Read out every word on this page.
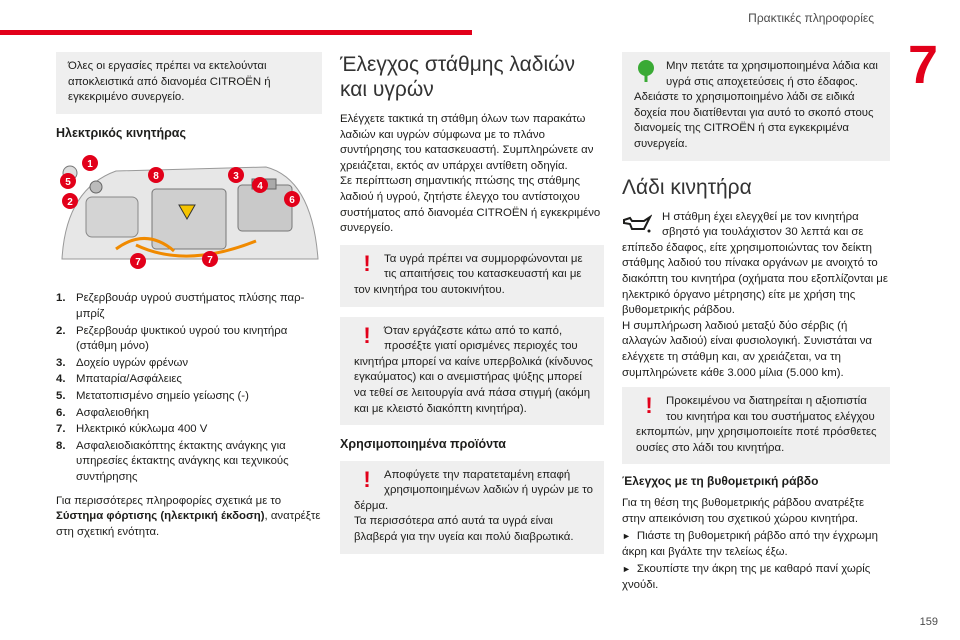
Πρακτικές πληροφορίες
7
159

Όλες οι εργασίες πρέπει να εκτελούνται αποκλειστικά από διανομέα CITROËN ή εγκεκριμένο συνεργείο.

Ηλεκτρικός κινητήρας
1
2
3
4
5
6
7	7
8
1. Ρεζερβουάρ υγρού συστήματος πλύσης παρ-μπρίζ
2. Ρεζερβουάρ ψυκτικού υγρού του κινητήρα (στάθμη μόνο)
3. Δοχείο υγρών φρένων
4. Μπαταρία/Ασφάλειες
5. Μετατοπισμένο σημείο γείωσης (-)
6. Ασφαλειοθήκη
7. Ηλεκτρικό κύκλωμα 400 V
8. Ασφαλειοδιακόπτης έκτακτης ανάγκης για υπηρεσίες έκτακτης ανάγκης και τεχνικούς συντήρησης

Για περισσότερες πληροφορίες σχετικά με το Σύστημα φόρτισης (ηλεκτρική έκδοση), ανατρέξτε στη σχετική ενότητα.

Έλεγχος στάθμης λαδιών και υγρών

Ελέγχετε τακτικά τη στάθμη όλων των παρακάτω λαδιών και υγρών σύμφωνα με το πλάνο συντήρησης του κατασκευαστή. Συμπληρώνετε αν χρειάζεται, εκτός αν υπάρχει αντίθετη οδηγία.

Σε περίπτωση σημαντικής πτώσης της στάθμης λαδιού ή υγρού, ζητήστε έλεγχο του αντίστοιχου συστήματος από διανομέα CITROËN ή εγκεκριμένο συνεργείο.

!	Τα υγρά πρέπει να συμμορφώνονται με τις απαιτήσεις του κατασκευαστή και με τον κινητήρα του αυτοκινήτου.

!	Όταν εργάζεστε κάτω από το καπό, προσέξτε γιατί ορισμένες περιοχές του κινητήρα μπορεί να καίνε υπερβολικά (κίνδυνος εγκαύματος) και ο ανεμιστήρας ψύξης μπορεί να τεθεί σε λειτουργία ανά πάσα στιγμή (ακόμη και με κλειστό διακόπτη κινητήρα).

Χρησιμοποιημένα προϊόντα
!	Αποφύγετε την παρατεταμένη επαφή χρησιμοποιημένων λαδιών ή υγρών με το δέρμα.

Τα περισσότερα από αυτά τα υγρά είναι βλαβερά για την υγεία και πολύ διαβρωτικά.

Μην πετάτε τα χρησιμοποιημένα λάδια και υγρά στις αποχετεύσεις ή στο έδαφος. Αδειάστε το χρησιμοποιημένο λάδι σε ειδικά δοχεία που διατίθενται για αυτό το σκοπό στους διανομείς της CITROËN ή στα εγκεκριμένα συνεργεία.

Λάδι κινητήρα

Η στάθμη έχει ελεγχθεί με τον κινητήρα σβηστό για τουλάχιστον 30 λεπτά και σε επίπεδο έδαφος, είτε χρησιμοποιώντας τον δείκτη στάθμης λαδιού του πίνακα οργάνων με ανοιχτό το διακόπτη του κινητήρα (οχήματα που εξοπλίζονται με ηλεκτρικό όργανο μέτρησης) είτε με χρήση της βυθομετρικής ράβδου.

Η συμπλήρωση λαδιού μεταξύ δύο σέρβις (ή αλλαγών λαδιού) είναι φυσιολογική. Συνιστάται να ελέγχετε τη στάθμη και, αν χρειάζεται, να τη συμπληρώνετε κάθε 3.000 μίλια (5.000 km).

!	Προκειμένου να διατηρείται η αξιοπιστία του κινητήρα και του συστήματος ελέγχου εκπομπών, μην χρησιμοποιείτε ποτέ πρόσθετες ουσίες στο λάδι του κινητήρα.

Έλεγχος με τη βυθομετρική ράβδο

Για τη θέση της βυθομετρικής ράβδου ανατρέξτε στην απεικόνιση του σχετικού χώρου κινητήρα.

► Πιάστε τη βυθομετρική ράβδο από την έγχρωμη άκρη και βγάλτε την τελείως έξω.

► Σκουπίστε την άκρη της με καθαρό πανί χωρίς χνούδι.
